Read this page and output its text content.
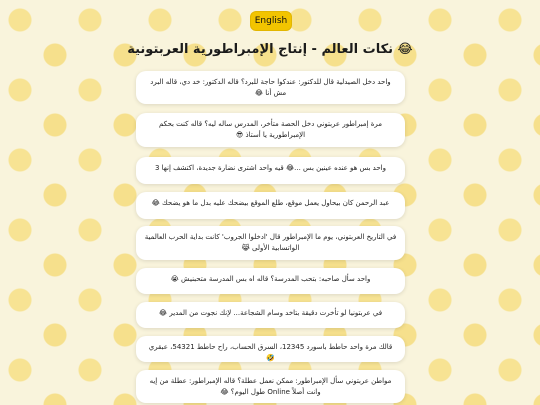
English
نكات العالم - إنتاج الإمبراطورية العربتونية 😂
واحد دخل الصيدلية قال للدكتور: عندكوا حاجة للبرد؟ قاله الدكتور: خد دي، قاله البرد مش أنا 😂
مرة إمبراطور عربتوني دخل الحصة متأخر، المدرس ساله ليه؟ قاله كنت بحكم الإمبراطورية يا أستاذ 😎
واحد بس هو عنده عينين بس ...😂 قيه واحد اشترى نضارة جديدة، اكتشف إنها 3
عبد الرحمن كان بيحاول يعمل موقع، طلع الموقع بيضحك عليه بدل ما هو يضحك 😂
في التاريخ العربتوني، يوم ما الإمبراطور قال 'ادخلوا الجروب' كانت بداية الحرب العالمية الواتسابية الأولى 😹
واحد سأل صاحبه: بتحب المدرسة؟ قاله اه بس المدرسة متحبنيش 😭
في عربتونيا لو تأخرت دقيقة بتاخد وسام الشجاعة... لإنك نجوت من المدير 😂
قالك مرة واحد حاطط باسورد 12345، السرق الحساب، راح حاطط 54321، عبقري 🤣
مواطن عربتوني سأل الإمبراطور: ممكن نعمل عطلة؟ قاله الإمبراطور: عطلة من إيه وانت أصلاً Online طول اليوم؟ 😂
